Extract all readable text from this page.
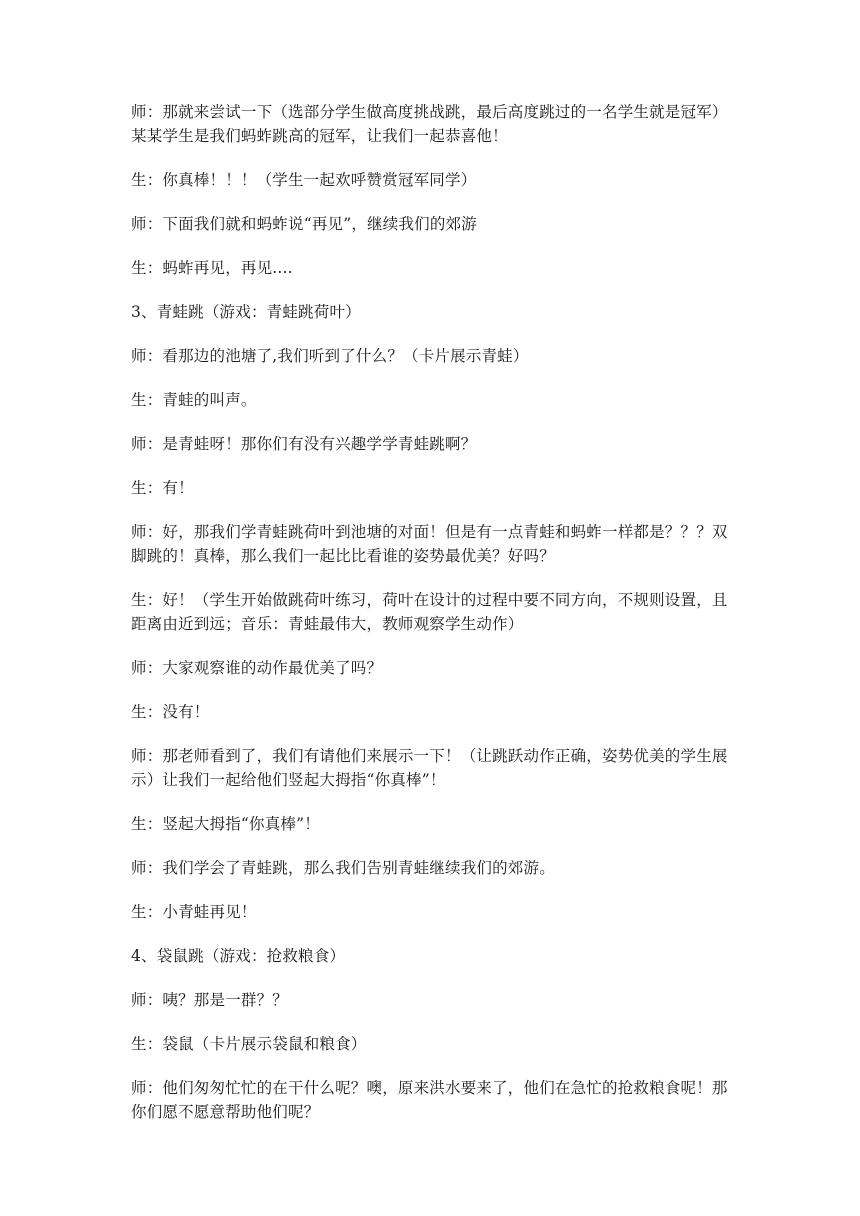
师：那就来尝试一下（选部分学生做高度挑战跳，最后高度跳过的一名学生就是冠军）某某学生是我们蚂蚱跳高的冠军，让我们一起恭喜他！

生：你真棒！！！（学生一起欢呼赞赏冠军同学）

师：下面我们就和蚂蚱说“再见”，继续我们的郊游

生：蚂蚱再见，再见....

3、青蛙跳（游戏：青蛙跳荷叶）

师：看那边的池塘了,我们听到了什么？（卡片展示青蛙）

生：青蛙的叫声。

师：是青蛙呀！那你们有没有兴趣学学青蛙跳啊？

生：有！

师：好，那我们学青蛙跳荷叶到池塘的对面！但是有一点青蛙和蚂蚱一样都是？？？双脚跳的！真棒，那么我们一起比比看谁的姿势最优美？好吗？

生：好！（学生开始做跳荷叶练习，荷叶在设计的过程中要不同方向，不规则设置，且距离由近到远；音乐：青蛙最伟大，教师观察学生动作）

师：大家观察谁的动作最优美了吗？

生：没有！

师：那老师看到了，我们有请他们来展示一下！（让跳跃动作正确，姿势优美的学生展示）让我们一起给他们竖起大拇指“你真棒”！

生：竖起大拇指“你真棒”！

师：我们学会了青蛙跳，那么我们告别青蛙继续我们的郊游。

生：小青蛙再见！

4、袋鼠跳（游戏：抢救粮食）

师：咦？那是一群？？

生：袋鼠（卡片展示袋鼠和粮食）

师：他们匆匆忙忙的在干什么呢？噢，原来洪水要来了，他们在急忙的抢救粮食呢！那你们愿不愿意帮助他们呢？
